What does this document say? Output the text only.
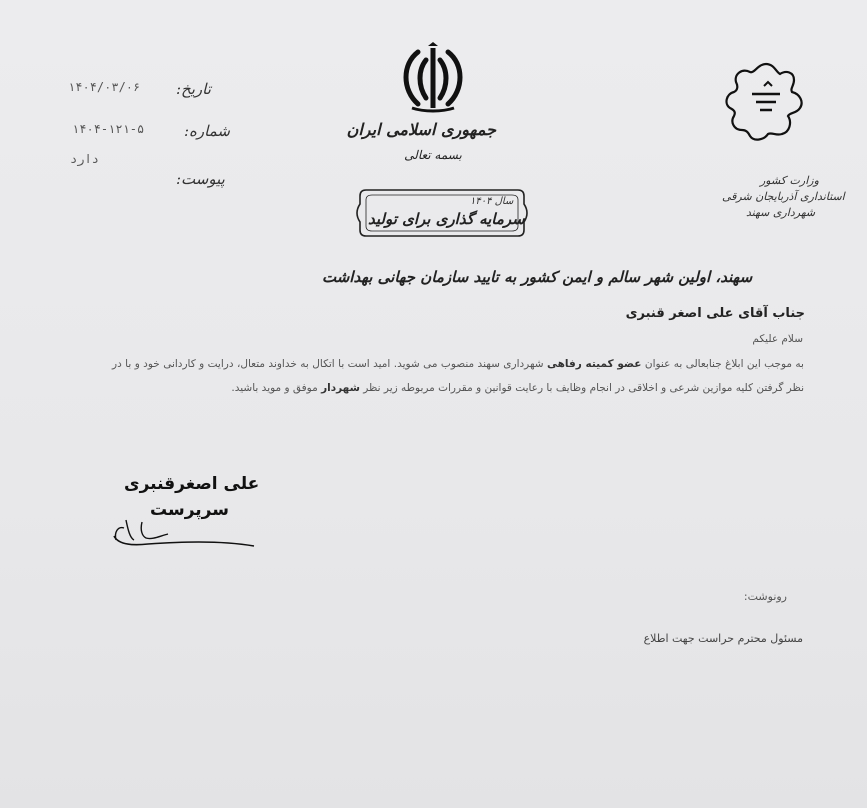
تاریخ:
۱۴۰۴/۰۳/۰۶
شماره:
۱۴۰۴-۱۲۱-۵
پیوست:
دارد
جمهوری اسلامی ایران
بسمه تعالی
سال ۱۴۰۴
سرمایه گذاری برای تولید
سهند، اولین شهر سالم و ایمن کشور به تایید سازمان جهانی بهداشت
وزارت کشور
استانداری آذربایجان شرقی
شهرداری سهند
جناب آقای علی اصغر قنبری
سلام علیکم
به موجب این ابلاغ جنابعالی به عنوان عضو کمیته رفاهی شهرداری سهند منصوب می شوید. امید است با اتکال به خداوند متعال، درایت و کاردانی خود و با در نظر گرفتن کلیه موازین شرعی و اخلاقی در انجام وظایف با رعایت قوانین و مقررات مربوطه زیر نظر شهردار موفق و موید باشید.
علی اصغرقنبری
سرپرست
رونوشت:
مسئول محترم حراست جهت اطلاع
